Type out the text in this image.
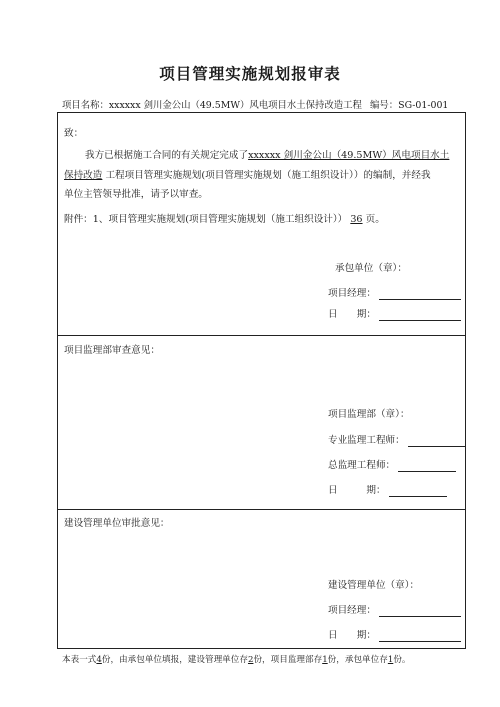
项目管理实施规划报审表
项目名称：xxxxxx 剑川金公山（49.5MW）风电项目水土保持改造工程 编号：SG-01-001
致：
我方已根据施工合同的有关规定完成了xxxxxx 剑川金公山（49.5MW）风电项目水土
保持改造 工程项目管理实施规划(项目管理实施规划（施工组织设计））的编制，并经我
单位主管领导批准，请予以审查。
附件：1、项目管理实施规划(项目管理实施规划（施工组织设计）） 36 页。
承包单位（章）：
项目经理：
日　　期：
项目监理部审查意见：
项目监理部（章）：
专业监理工程师：
总监理工程师：
日　　　期：
建设管理单位审批意见：
建设管理单位（章）：
项目经理：
日　　期：
本表一式4份，由承包单位填报，建设管理单位存2份，项目监理部存1份，承包单位存1份。
